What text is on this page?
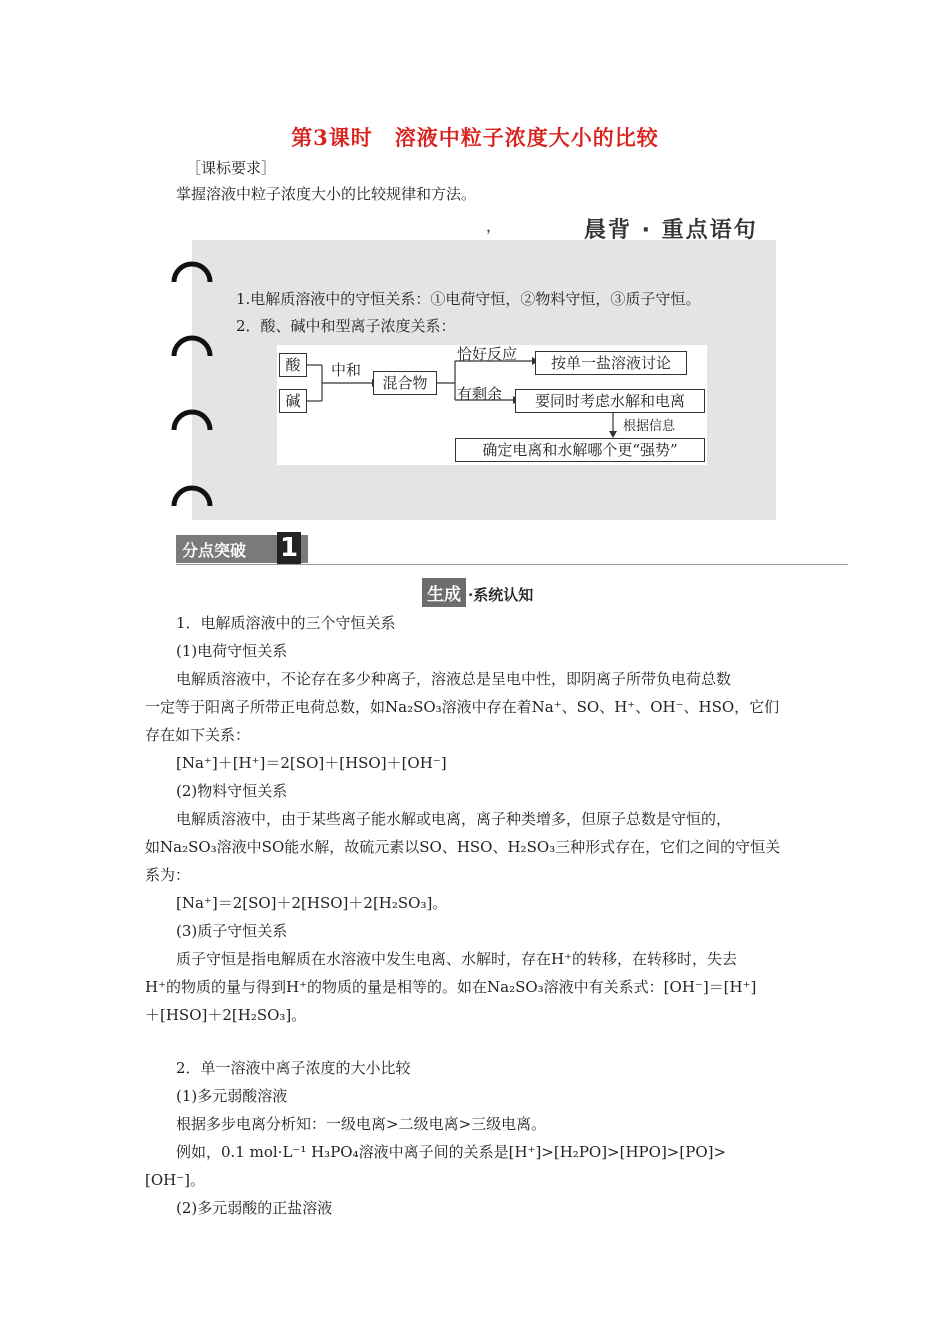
第3课时　溶液中粒子浓度大小的比较
［课标要求］
掌握溶液中粒子浓度大小的比较规律和方法。
，	晨背 · 重点语句
1.电解质溶液中的守恒关系：①电荷守恒，②物料守恒，③质子守恒。
2．酸、碱中和型离子浓度关系：
酸
碱
中和
混合物
恰好反应	按单一盐溶液讨论
有剩余	要同时考虑水解和电离
根据信息
确定电离和水解哪个更“强势”
分点突破 1
生成 ·系统认知
1．电解质溶液中的三个守恒关系
(1)电荷守恒关系
电解质溶液中，不论存在多少种离子，溶液总是呈电中性，即阴离子所带负电荷总数
一定等于阳离子所带正电荷总数，如Na₂SO₃溶液中存在着Na⁺、SO、H⁺、OH⁻、HSO，它们
存在如下关系：
[Na⁺]＋[H⁺]＝2[SO]＋[HSO]＋[OH⁻]
(2)物料守恒关系
电解质溶液中，由于某些离子能水解或电离，离子种类增多，但原子总数是守恒的，
如Na₂SO₃溶液中SO能水解，故硫元素以SO、HSO、H₂SO₃三种形式存在，它们之间的守恒关
系为：
[Na⁺]＝2[SO]＋2[HSO]＋2[H₂SO₃]。
(3)质子守恒关系
质子守恒是指电解质在水溶液中发生电离、水解时，存在H⁺的转移，在转移时，失去
H⁺的物质的量与得到H⁺的物质的量是相等的。如在Na₂SO₃溶液中有关系式：[OH⁻]＝[H⁺]
＋[HSO]＋2[H₂SO₃]。
2．单一溶液中离子浓度的大小比较
(1)多元弱酸溶液
根据多步电离分析知：一级电离>二级电离>三级电离。
例如，0.1 mol·L⁻¹ H₃PO₄溶液中离子间的关系是[H⁺]>[H₂PO]>[HPO]>[PO]>
[OH⁻]。
(2)多元弱酸的正盐溶液
